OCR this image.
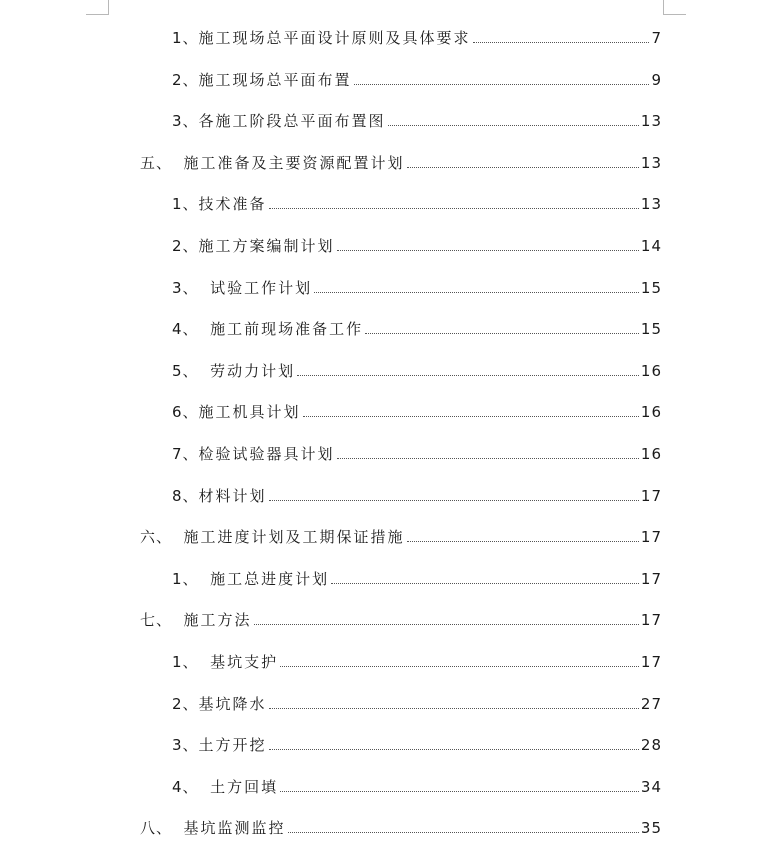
1、 施工现场总平面设计原则及具体要求	7
2、 施工现场总平面布置	9
3、 各施工阶段总平面布置图	13
五、 施工准备及主要资源配置计划	13
1、 技术准备	13
2、 施工方案编制计划	14
3、 试验工作计划	15
4、 施工前现场准备工作	15
5、 劳动力计划	16
6、 施工机具计划	16
7、 检验试验器具计划	16
8、 材料计划	17
六、 施工进度计划及工期保证措施	17
1、 施工总进度计划	17
七、 施工方法	17
1、 基坑支护	17
2、 基坑降水	27
3、 土方开挖	28
4、 土方回填	34
八、 基坑监测监控	35
